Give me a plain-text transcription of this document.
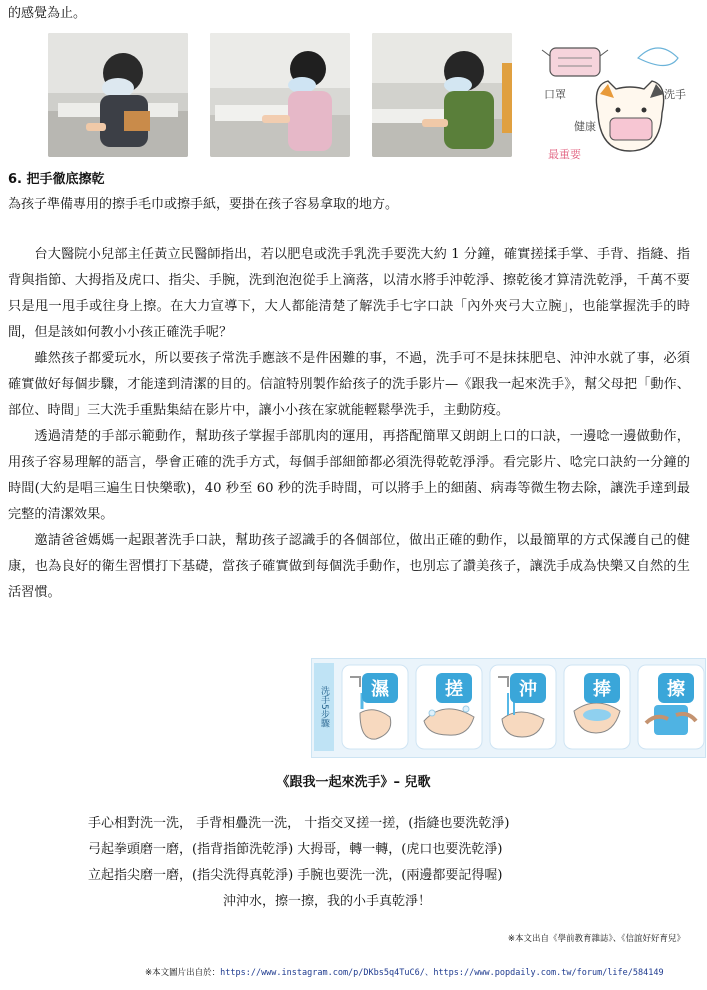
的感覺為止。
口罩
健康
最重要
洗手
6. 把手徹底擦乾
為孩子準備專用的擦手毛巾或擦手紙，要掛在孩子容易拿取的地方。

台大醫院小兒部主任黃立民醫師指出，若以肥皂或洗手乳洗手要洗大約 1 分鐘，確實搓揉手掌、手背、指縫、指背與指節、大拇指及虎口、指尖、手腕，洗到泡泡從手上滴落，以清水將手沖乾淨、擦乾後才算清洗乾淨，千萬不要只是甩一甩手或往身上擦。在大力宣導下，大人都能清楚了解洗手七字口訣「內外夾弓大立腕」，也能掌握洗手的時間，但是該如何教小小孩正確洗手呢？

雖然孩子都愛玩水，所以要孩子常洗手應該不是件困難的事，不過，洗手可不是抹抹肥皂、沖沖水就了事，必須確實做好每個步驟，才能達到清潔的目的。信誼特別製作給孩子的洗手影片—《跟我一起來洗手》，幫父母把「動作、部位、時間」三大洗手重點集結在影片中，讓小小孩在家就能輕鬆學洗手，主動防疫。

透過清楚的手部示範動作，幫助孩子掌握手部肌肉的運用，再搭配簡單又朗朗上口的口訣，一邊唸一邊做動作，用孩子容易理解的語言，學會正確的洗手方式，每個手部細節都必須洗得乾乾淨淨。看完影片、唸完口訣約一分鐘的時間(大約是唱三遍生日快樂歌)，40 秒至 60 秒的洗手時間，可以將手上的細菌、病毒等微生物去除，讓洗手達到最完整的清潔效果。

邀請爸爸媽媽一起跟著洗手口訣，幫助孩子認識手的各個部位，做出正確的動作，以最簡單的方式保護自己的健康，也為良好的衛生習慣打下基礎，當孩子確實做到每個洗手動作，也別忘了讚美孩子，讓洗手成為快樂又自然的生活習慣。

洗手5步驟	濕	搓	沖	捧	擦
《跟我一起來洗手》– 兒歌
手心相對洗一洗， 手背相疊洗一洗， 十指交叉搓一搓，(指縫也要洗乾淨)
弓起拳頭磨一磨，(指背指節洗乾淨) 大拇哥，轉一轉，(虎口也要洗乾淨)
立起指尖磨一磨，(指尖洗得真乾淨) 手腕也要洗一洗，(兩邊都要記得喔)
沖沖水，擦一擦，我的小手真乾淨！
※本文出自《學前教育雜誌》、《信誼好好育兒》
※本文圖片出自於：https://www.instagram.com/p/DKbs5q4TuC6/、https://www.popdaily.com.tw/forum/life/584149
